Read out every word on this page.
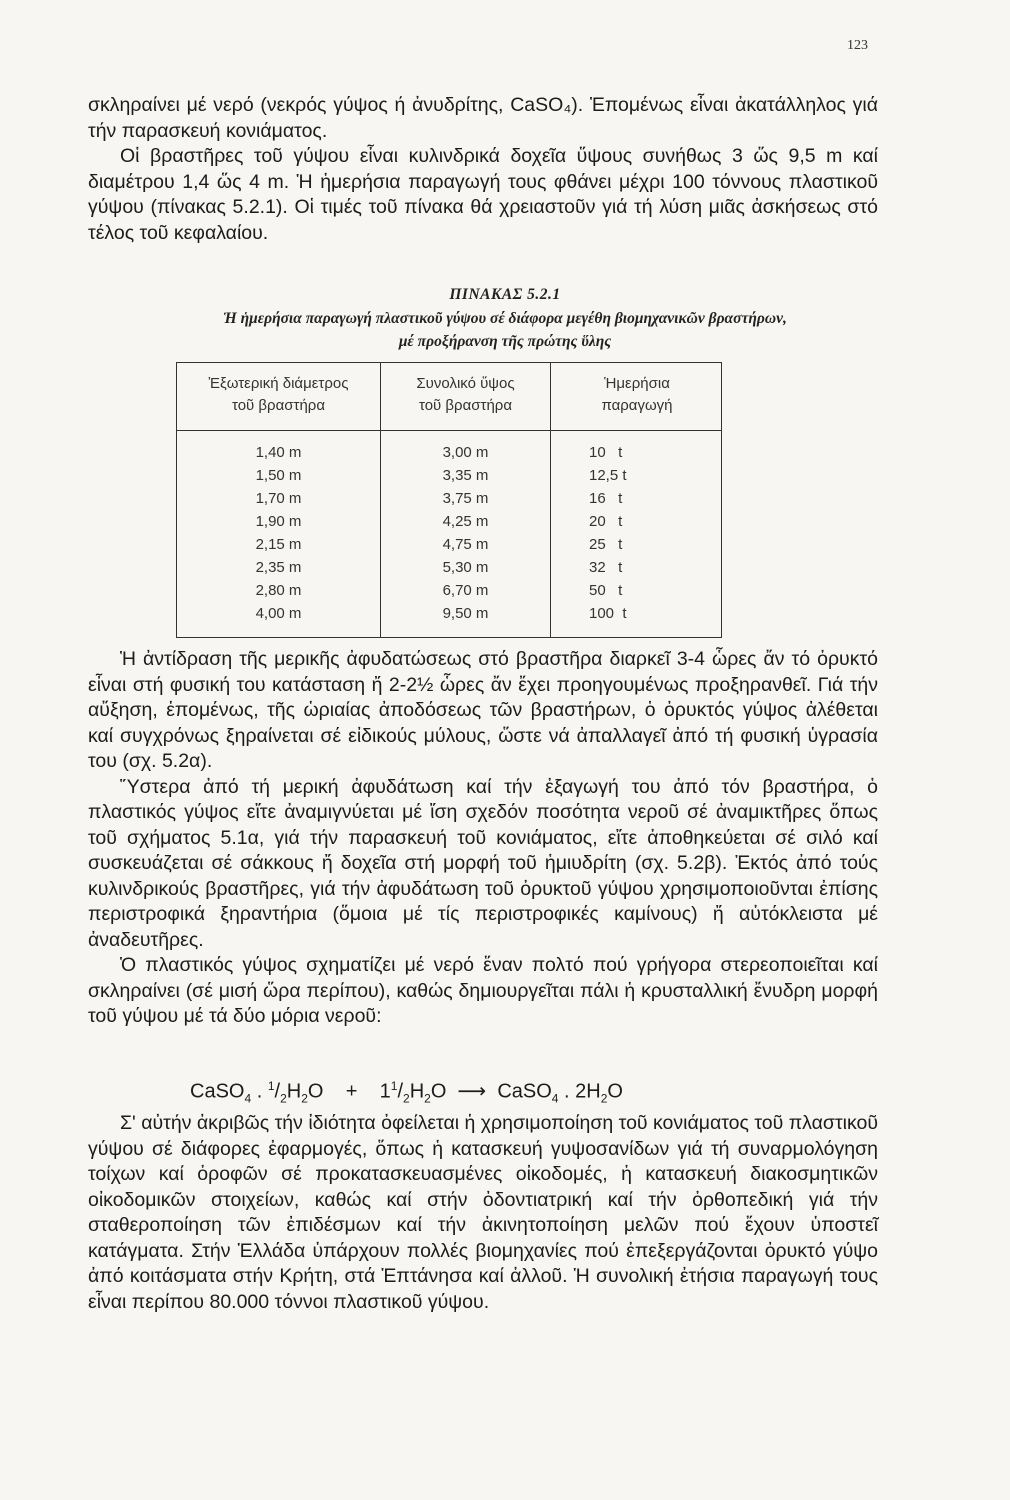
123

σκληραίνει μέ νερό (νεκρός γύψος ή ἀνυδρίτης, CaSO₄). Ἑπομένως εἶναι ἀκατάλληλος γιά τήν παρασκευή κονιάματος.

Οἱ βραστῆρες τοῦ γύψου εἶναι κυλινδρικά δοχεῖα ὕψους συνήθως 3 ὥς 9,5 m καί διαμέτρου 1,4 ὥς 4 m. Ἡ ἡμερήσια παραγωγή τους φθάνει μέχρι 100 τόννους πλαστικοῦ γύψου (πίνακας 5.2.1). Οἱ τιμές τοῦ πίνακα θά χρειαστοῦν γιά τή λύση μιᾶς ἀσκήσεως στό τέλος τοῦ κεφαλαίου.

ΠΙΝΑΚΑΣ 5.2.1
Ἡ ἡμερήσια παραγωγή πλαστικοῦ γύψου σέ διάφορα μεγέθη βιομηχανικῶν βραστήρων,
μέ προξήρανση τῆς πρώτης ὕλης
Ἐξωτερική διάμετρος
τοῦ βραστήρα
Συνολικό ὕψος
τοῦ βραστήρα
Ἡμερήσια
παραγωγή
1,40 m
1,50 m
1,70 m
1,90 m
2,15 m
2,35 m
2,80 m
4,00 m
3,00 m
3,35 m
3,75 m
4,25 m
4,75 m
5,30 m
6,70 m
9,50 m
10   t
12,5 t
16   t
20   t
25   t
32   t
50   t
100  t

Ἡ ἀντίδραση τῆς μερικῆς ἀφυδατώσεως στό βραστῆρα διαρκεῖ 3-4 ὧρες ἄν τό ὀρυκτό εἶναι στή φυσική του κατάσταση ἤ 2-2½ ὧρες ἄν ἔχει προηγουμένως προξηρανθεῖ. Γιά τήν αὔξηση, ἑπομένως, τῆς ὡριαίας ἀποδόσεως τῶν βραστήρων, ὁ ὀρυκτός γύψος ἀλέθεται καί συγχρόνως ξηραίνεται σέ εἰδικούς μύλους, ὥστε νά ἀπαλλαγεῖ ἀπό τή φυσική ὑγρασία του (σχ. 5.2α).

Ὕστερα ἀπό τή μερική ἀφυδάτωση καί τήν ἐξαγωγή του ἀπό τόν βραστήρα, ὁ πλαστικός γύψος εἴτε ἀναμιγνύεται μέ ἴση σχεδόν ποσότητα νεροῦ σέ ἀναμικτῆρες ὅπως τοῦ σχήματος 5.1α, γιά τήν παρασκευή τοῦ κονιάματος, εἴτε ἀποθηκεύεται σέ σιλό καί συσκευάζεται σέ σάκκους ἤ δοχεῖα στή μορφή τοῦ ἡμιυδρίτη (σχ. 5.2β). Ἐκτός ἀπό τούς κυλινδρικούς βραστῆρες, γιά τήν ἀφυδάτωση τοῦ ὀρυκτοῦ γύψου χρησιμοποιοῦνται ἐπίσης περιστροφικά ξηραντήρια (ὅμοια μέ τίς περιστροφικές καμίνους) ἤ αὐτόκλειστα μέ ἀναδευτῆρες.

Ὁ πλαστικός γύψος σχηματίζει μέ νερό ἕναν πολτό πού γρήγορα στερεοποιεῖται καί σκληραίνει (σέ μισή ὥρα περίπου), καθώς δημιουργεῖται πάλι ἡ κρυσταλλική ἔνυδρη μορφή τοῦ γύψου μέ τά δύο μόρια νεροῦ:

CaSO$_4$ . $^1/_2H_2O + 1^1/_2H_2O$ ⟶ CaSO$_4$ . $2H_2O$

Σ' αὐτήν ἀκριβῶς τήν ἰδιότητα ὀφείλεται ἡ χρησιμοποίηση τοῦ κονιάματος τοῦ πλαστικοῦ γύψου σέ διάφορες ἐφαρμογές, ὅπως ἡ κατασκευή γυψοσανίδων γιά τή συναρμολόγηση τοίχων καί ὀροφῶν σέ προκατασκευασμένες οἰκοδομές, ἡ κατασκευή διακοσμητικῶν οἰκοδομικῶν στοιχείων, καθώς καί στήν ὀδοντιατρική καί τήν ὀρθοπεδική γιά τήν σταθεροποίηση τῶν ἐπιδέσμων καί τήν ἀκινητοποίηση μελῶν πού ἔχουν ὑποστεῖ κατάγματα. Στήν Ἑλλάδα ὑπάρχουν πολλές βιομηχανίες πού ἐπεξεργάζονται ὀρυκτό γύψο ἀπό κοιτάσματα στήν Κρήτη, στά Ἑπτάνησα καί ἀλλοῦ. Ἡ συνολική ἐτήσια παραγωγή τους εἶναι περίπου 80.000 τόννοι πλαστικοῦ γύψου.
